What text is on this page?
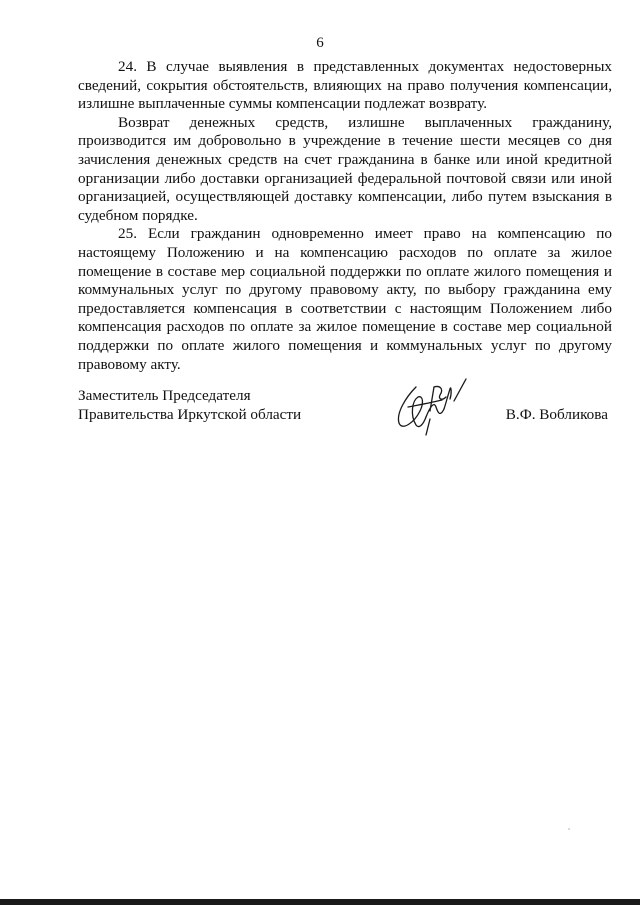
6

24. В случае выявления в представленных документах недостоверных сведений, сокрытия обстоятельств, влияющих на право получения компенсации, излишне выплаченные суммы компенсации подлежат возврату.

Возврат денежных средств, излишне выплаченных гражданину, производится им добровольно в учреждение в течение шести месяцев со дня зачисления денежных средств на счет гражданина в банке или иной кредитной организации либо доставки организацией федеральной почтовой связи или иной организацией, осуществляющей доставку компенсации, либо путем взыскания в судебном порядке.

25. Если гражданин одновременно имеет право на компенсацию по настоящему Положению и на компенсацию расходов по оплате за жилое помещение в составе мер социальной поддержки по оплате жилого помещения и коммунальных услуг по другому правовому акту, по выбору гражданина ему предоставляется компенсация в соответствии с настоящим Положением либо компенсация расходов по оплате за жилое помещение в составе мер социальной поддержки по оплате жилого помещения и коммунальных услуг по другому правовому акту.

Заместитель Председателя
Правительства Иркутской области	В.Ф. Вобликова
